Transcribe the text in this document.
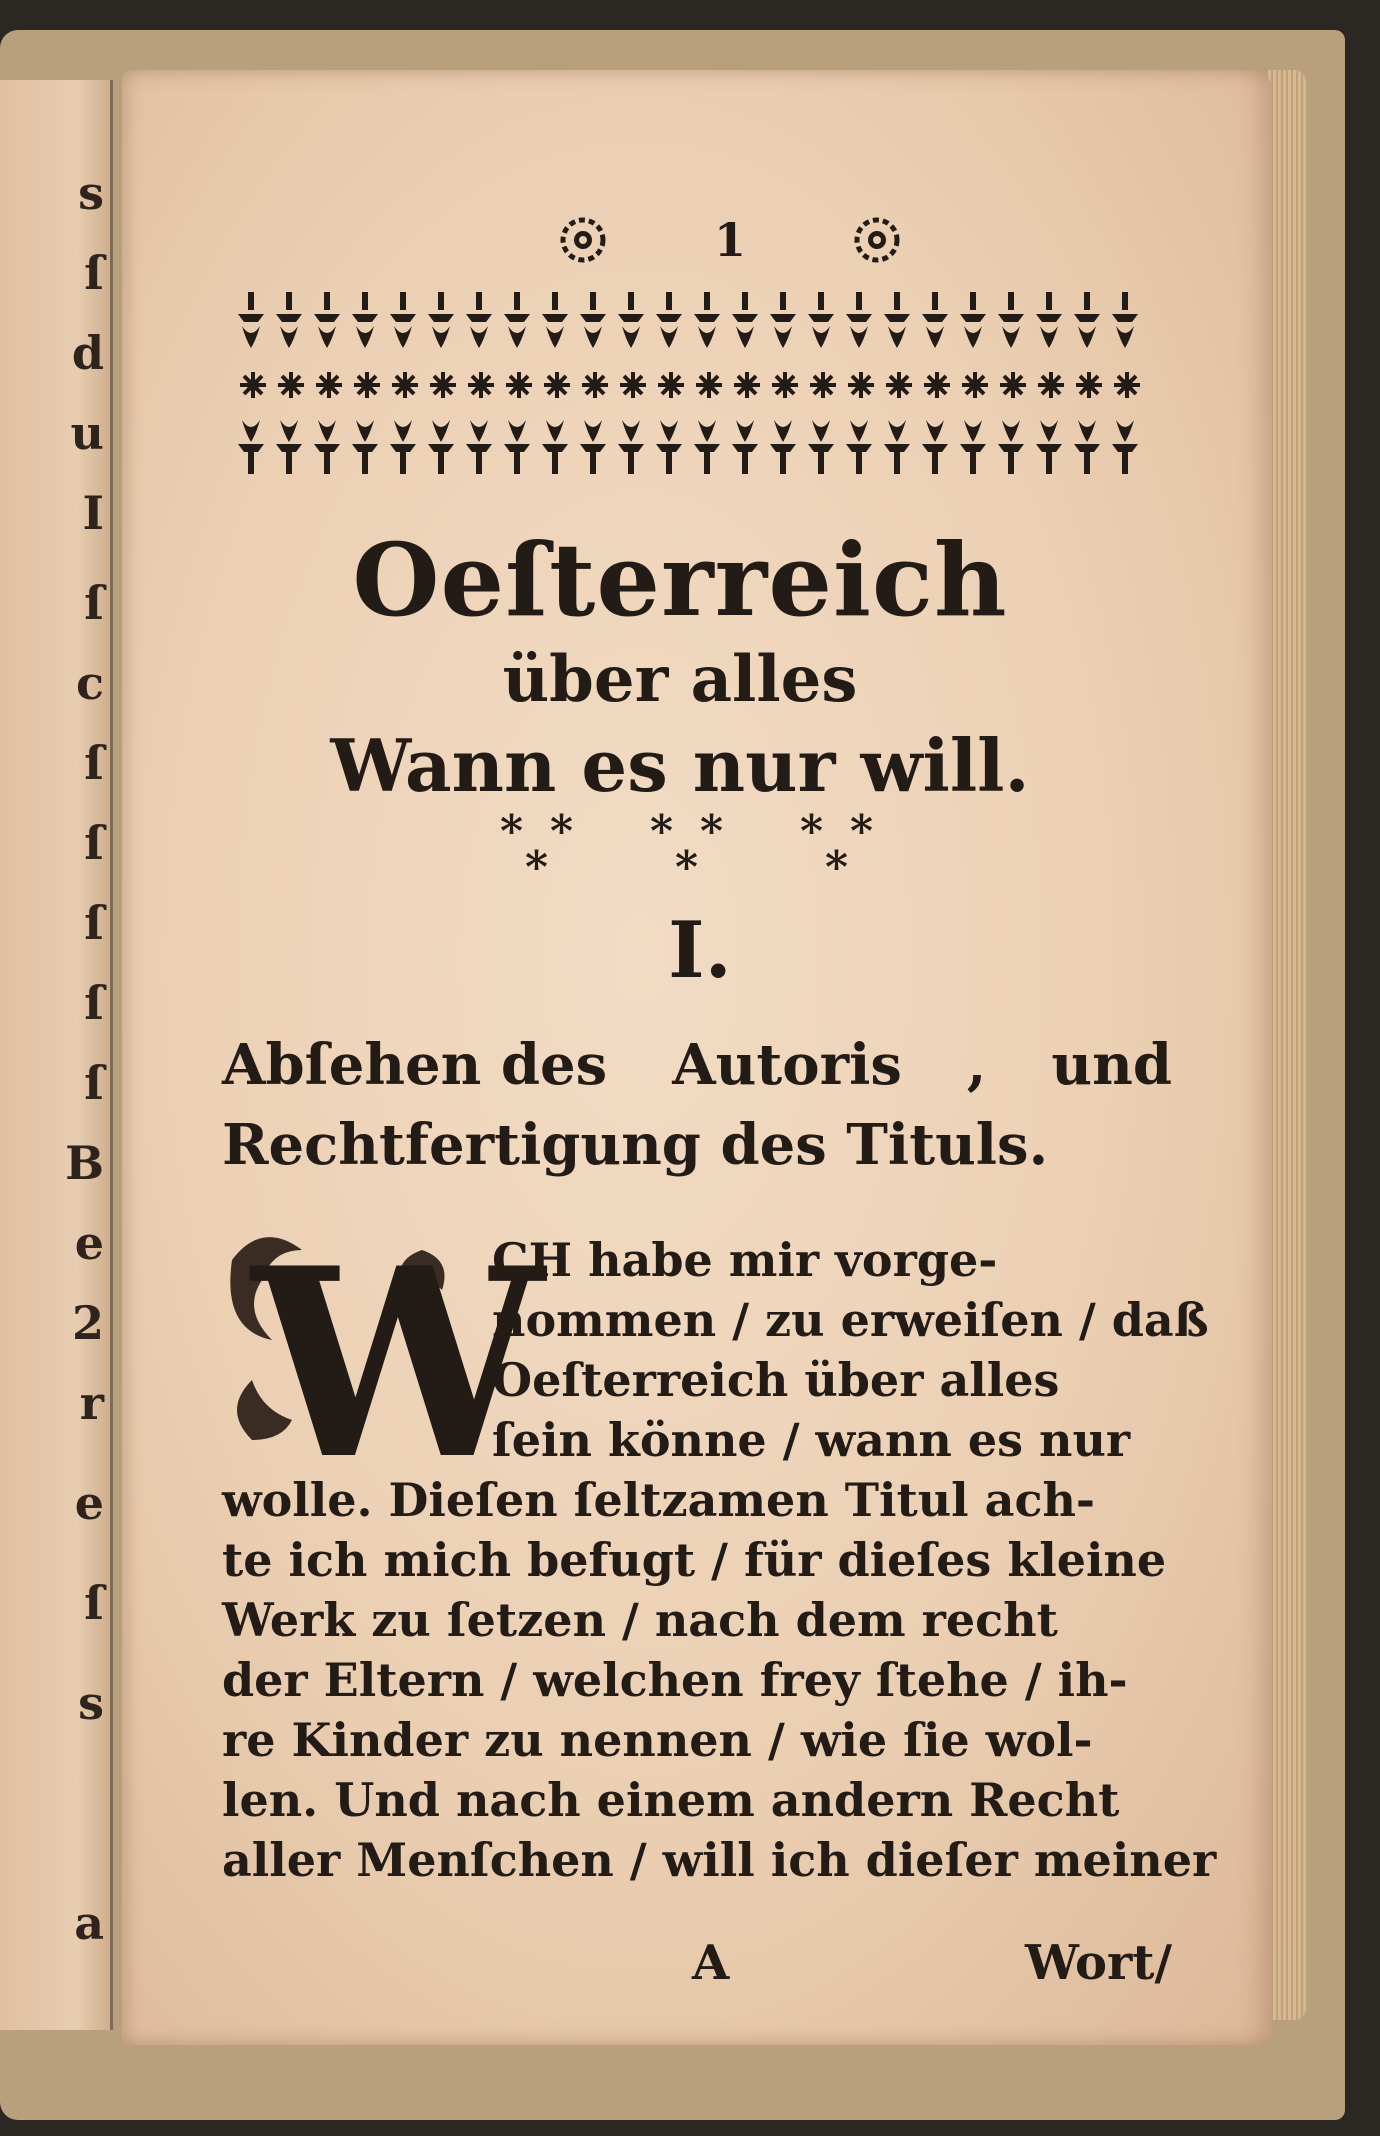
s
ſ
d
u
I
ſ
c
ſ
ſ
ſ
ſ
ſ
B
e
2
r
e
ſ
s
a
1
Oeſterreich
über alles
Wann es nur will.
* *
*
* *
*
* *
*
I.
Abſehen des Autoris , und
Rechtfertigung des Tituls.
W
CH habe mir vorge-
nommen / zu erweiſen / daß
Oeſterreich über alles
ſein könne / wann es nur
wolle. Dieſen ſeltzamen Titul ach-
te ich mich befugt / für dieſes kleine
Werk zu ſetzen / nach dem recht
der Eltern / welchen frey ſtehe / ih-
re Kinder zu nennen / wie ſie wol-
len. Und nach einem andern Recht
aller Menſchen / will ich dieſer meiner
A	Wort/
